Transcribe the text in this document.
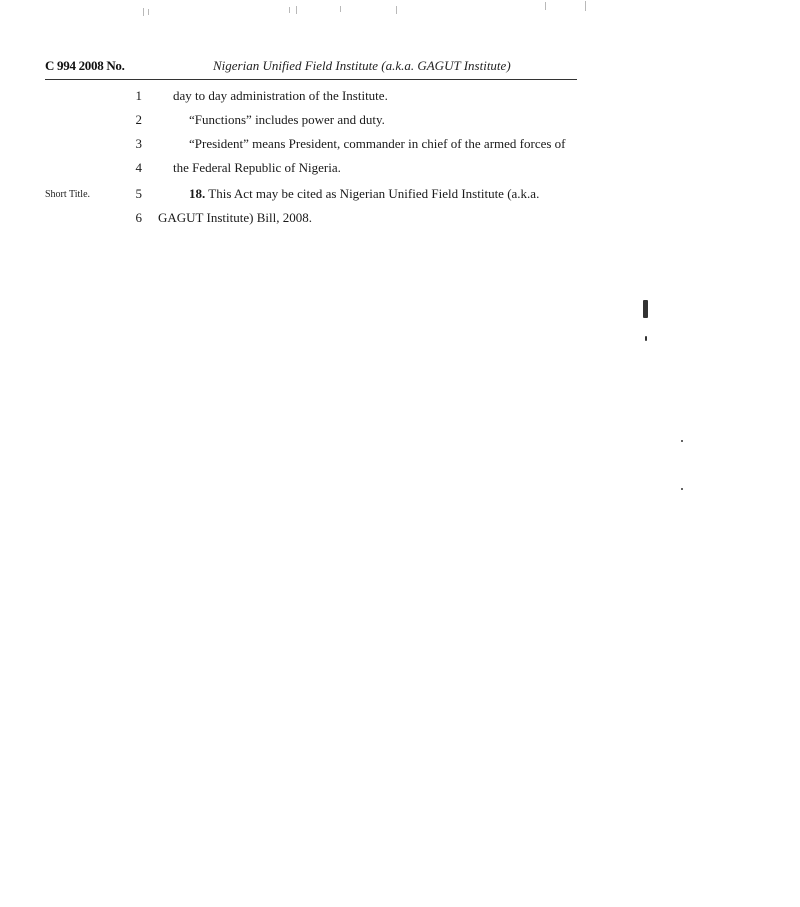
C 994 2008 No.	Nigerian Unified Field Institute (a.k.a. GAGUT Institute)
1 day to day administration of the Institute.
2	“Functions” includes power and duty.
3	“President” means President, commander in chief of the armed forces of
4 the Federal Republic of Nigeria.
Short Title.	5	18. This Act may be cited as Nigerian Unified Field Institute (a.k.a.
6 GAGUT Institute) Bill, 2008.
